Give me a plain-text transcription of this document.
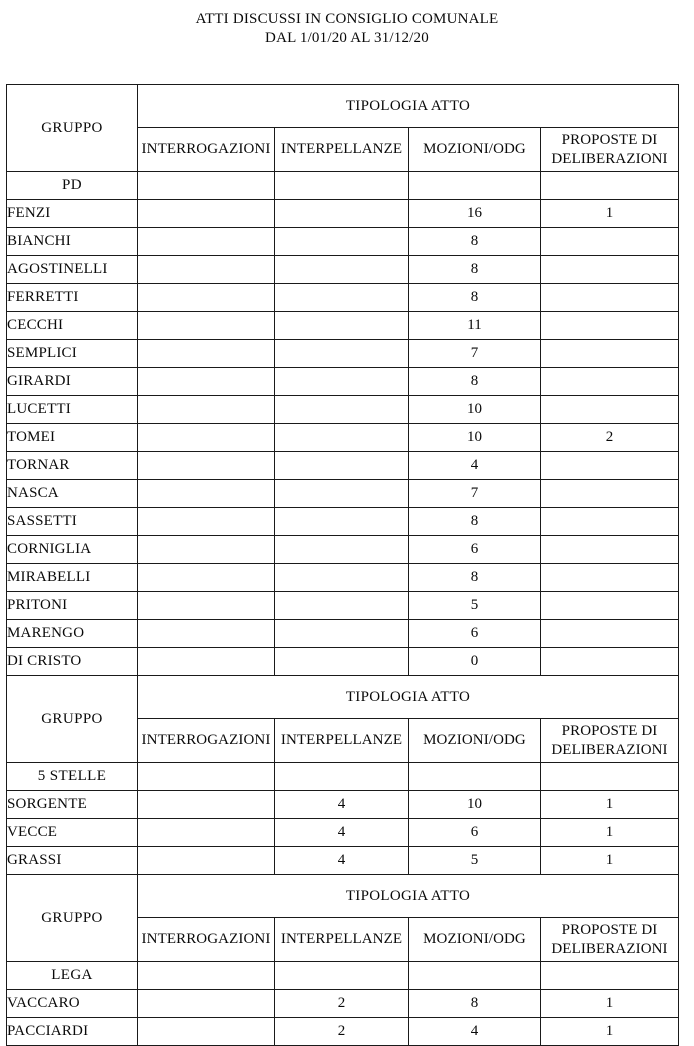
ATTI DISCUSSI IN CONSIGLIO COMUNALE
DAL 1/01/20 AL 31/12/20
GRUPPO	TIPOLOGIA ATTO			
	INTERROGAZIONI	INTERPELLANZE	MOZIONI/ODG	PROPOSTE DI
DELIBERAZIONI
PD				
FENZI			16	1
BIANCHI			8	
AGOSTINELLI			8	
FERRETTI			8	
CECCHI			11	
SEMPLICI			7	
GIRARDI			8	
LUCETTI			10	
TOMEI			10	2
TORNAR			4	
NASCA			7	
SASSETTI			8	
CORNIGLIA			6	
MIRABELLI			8	
PRITONI			5	
MARENGO			6	
DI CRISTO			0	
GRUPPO	TIPOLOGIA ATTO			
	INTERROGAZIONI	INTERPELLANZE	MOZIONI/ODG	PROPOSTE DI
DELIBERAZIONI
5 STELLE				
SORGENTE		4	10	1
VECCE		4	6	1
GRASSI		4	5	1
GRUPPO	TIPOLOGIA ATTO			
	INTERROGAZIONI	INTERPELLANZE	MOZIONI/ODG	PROPOSTE DI
DELIBERAZIONI
LEGA				
VACCARO		2	8	1
PACCIARDI		2	4	1
